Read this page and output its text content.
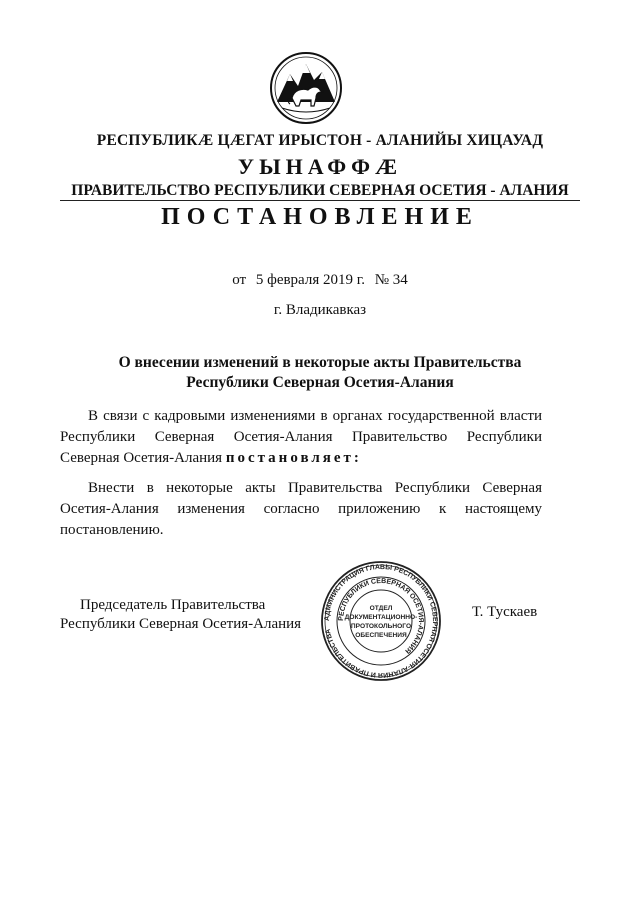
РЕСПУБЛИКÆ ЦÆГАТ ИРЫСТОН - АЛАНИЙЫ ХИЦАУАД
УЫНАФФÆ
ПРАВИТЕЛЬСТВО РЕСПУБЛИКИ СЕВЕРНАЯ ОСЕТИЯ - АЛАНИЯ
ПОСТАНОВЛЕНИЕ
от 5 февраля 2019 г. № 34
г. Владикавказ
О внесении изменений в некоторые акты Правительства
Республики Северная Осетия-Алания
В связи с кадровыми изменениями в органах государственной власти Республики Северная Осетия-Алания Правительство Республики Северная Осетия-Алания постановляет:
Внести в некоторые акты Правительства Республики Северная Осетия-Алания изменения согласно приложению к настоящему постановлению.
Председатель Правительства
Республики Северная Осетия-Алания	АДМИНИСТРАЦИЯ ГЛАВЫ РЕСПУБЛИКИ СЕВЕРНАЯ ОСЕТИЯ-АЛАНИЯ И ПРАВИТЕЛЬСТВА
РЕСПУБЛИКИ СЕВЕРНАЯ ОСЕТИЯ-АЛАНИЯ
ОТДЕЛ
ДОКУМЕНТАЦИОННО-
ПРОТОКОЛЬНОГО
ОБЕСПЕЧЕНИЯ
Т. Тускаев
